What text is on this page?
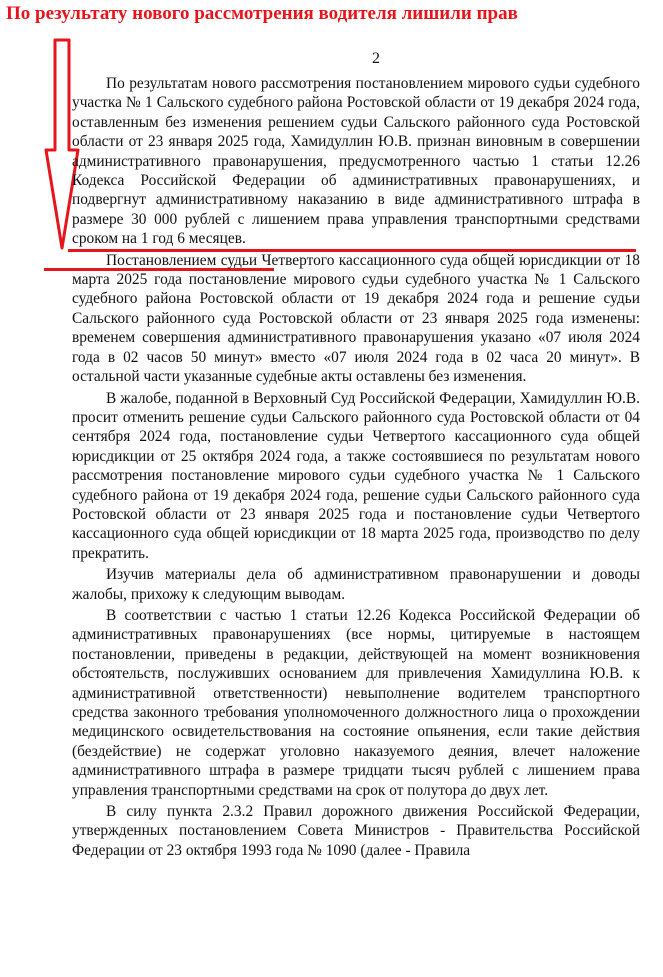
По результату нового рассмотрения водителя лишили прав
2

По результатам нового рассмотрения постановлением мирового судьи судебного участка № 1 Сальского судебного района Ростовской области от 19 декабря 2024 года, оставленным без изменения решением судьи Сальского районного суда Ростовской области от 23 января 2025 года, Хамидуллин Ю.В. признан виновным в совершении административного правонарушения, предусмотренного частью 1 статьи 12.26 Кодекса Российской Федерации об административных правонарушениях, и подвергнут административному наказанию в виде административного штрафа в размере 30 000 рублей с лишением права управления транспортными средствами сроком на 1 год 6 месяцев.

Постановлением судьи Четвертого кассационного суда общей юрисдикции от 18 марта 2025 года постановление мирового судьи судебного участка № 1 Сальского судебного района Ростовской области от 19 декабря 2024 года и решение судьи Сальского районного суда Ростовской области от 23 января 2025 года изменены: временем совершения административного правонарушения указано «07 июля 2024 года в 02 часов 50 минут» вместо «07 июля 2024 года в 02 часа 20 минут». В остальной части указанные судебные акты оставлены без изменения.

В жалобе, поданной в Верховный Суд Российской Федерации, Хамидуллин Ю.В. просит отменить решение судьи Сальского районного суда Ростовской области от 04 сентября 2024 года, постановление судьи Четвертого кассационного суда общей юрисдикции от 25 октября 2024 года, а также состоявшиеся по результатам нового рассмотрения постановление мирового судьи судебного участка № 1 Сальского судебного района от 19 декабря 2024 года, решение судьи Сальского районного суда Ростовской области от 23 января 2025 года и постановление судьи Четвертого кассационного суда общей юрисдикции от 18 марта 2025 года, производство по делу прекратить.

Изучив материалы дела об административном правонарушении и доводы жалобы, прихожу к следующим выводам.

В соответствии с частью 1 статьи 12.26 Кодекса Российской Федерации об административных правонарушениях (все нормы, цитируемые в настоящем постановлении, приведены в редакции, действующей на момент возникновения обстоятельств, послуживших основанием для привлечения Хамидуллина Ю.В. к административной ответственности) невыполнение водителем транспортного средства законного требования уполномоченного должностного лица о прохождении медицинского освидетельствования на состояние опьянения, если такие действия (бездействие) не содержат уголовно наказуемого деяния, влечет наложение административного штрафа в размере тридцати тысяч рублей с лишением права управления транспортными средствами на срок от полутора до двух лет.

В силу пункта 2.3.2 Правил дорожного движения Российской Федерации, утвержденных постановлением Совета Министров - Правительства Российской Федерации от 23 октября 1993 года № 1090 (далее - Правила
